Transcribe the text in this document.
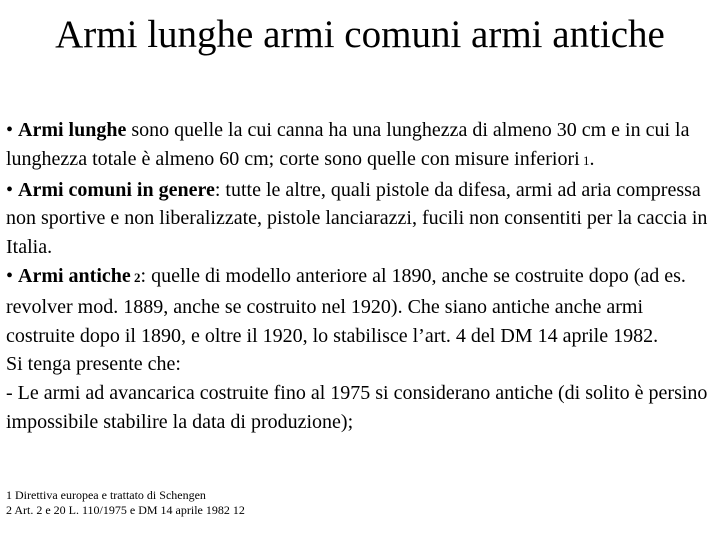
Armi lunghe armi comuni armi antiche

• Armi lunghe sono quelle la cui canna ha una lunghezza di almeno 30 cm e in cui la lunghezza totale è almeno 60 cm; corte sono quelle con misure inferiori 1.

• Armi comuni in genere: tutte le altre, quali pistole da difesa, armi ad aria compressa non sportive e non liberalizzate, pistole lanciarazzi, fucili non consentiti per la caccia in Italia.

• Armi antiche 2: quelle di modello anteriore al 1890, anche se costruite dopo (ad es. revolver mod. 1889, anche se costruito nel 1920). Che siano antiche anche armi costruite dopo il 1890, e oltre il 1920, lo stabilisce l’art. 4 del DM 14 aprile 1982.

Si tenga presente che:

- Le armi ad avancarica costruite fino al 1975 si considerano antiche (di solito è persino impossibile stabilire la data di produzione);

1 Direttiva europea e trattato di Schengen
2 Art. 2 e 20 L. 110/1975 e DM 14 aprile 1982 12
